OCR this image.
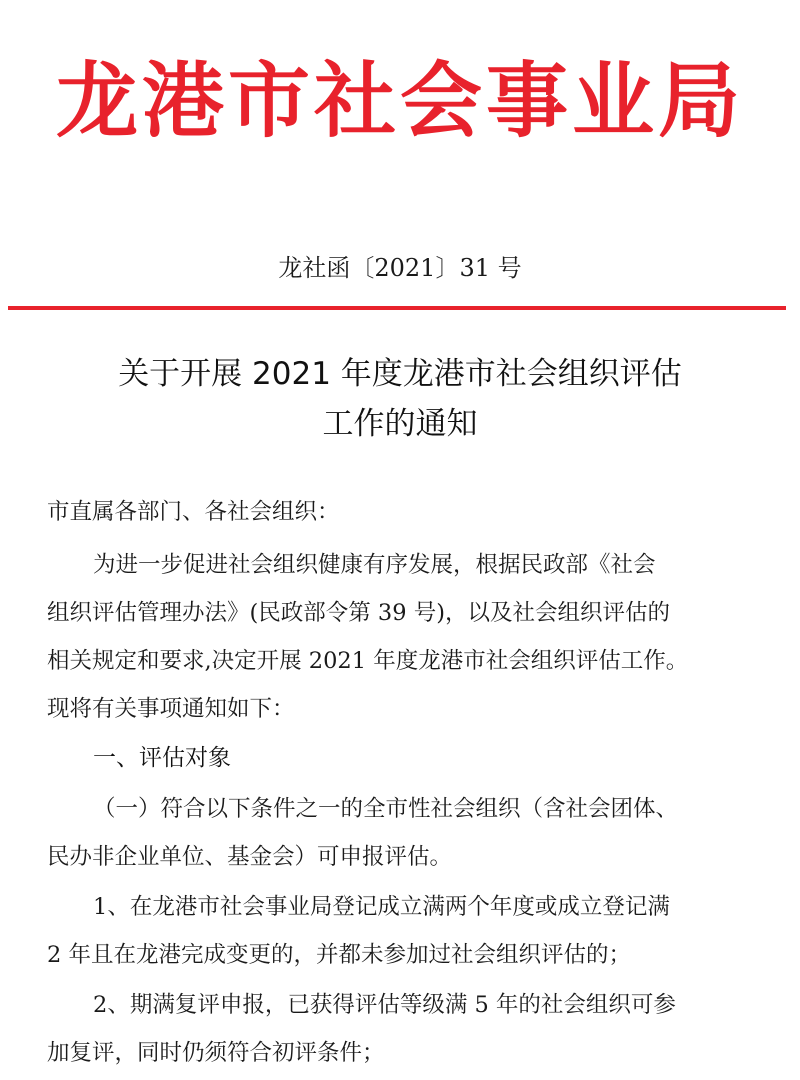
龙港市社会事业局
龙社函〔2021〕31 号
关于开展 2021 年度龙港市社会组织评估
工作的通知
市直属各部门、各社会组织：
为进一步促进社会组织健康有序发展，根据民政部《社会
组织评估管理办法》(民政部令第 39 号)，以及社会组织评估的
相关规定和要求,决定开展 2021 年度龙港市社会组织评估工作。
现将有关事项通知如下：
一、评估对象
（一）符合以下条件之一的全市性社会组织（含社会团体、
民办非企业单位、基金会）可申报评估。
1、在龙港市社会事业局登记成立满两个年度或成立登记满
2 年且在龙港完成变更的，并都未参加过社会组织评估的；
2、期满复评申报，已获得评估等级满 5 年的社会组织可参
加复评，同时仍须符合初评条件；
